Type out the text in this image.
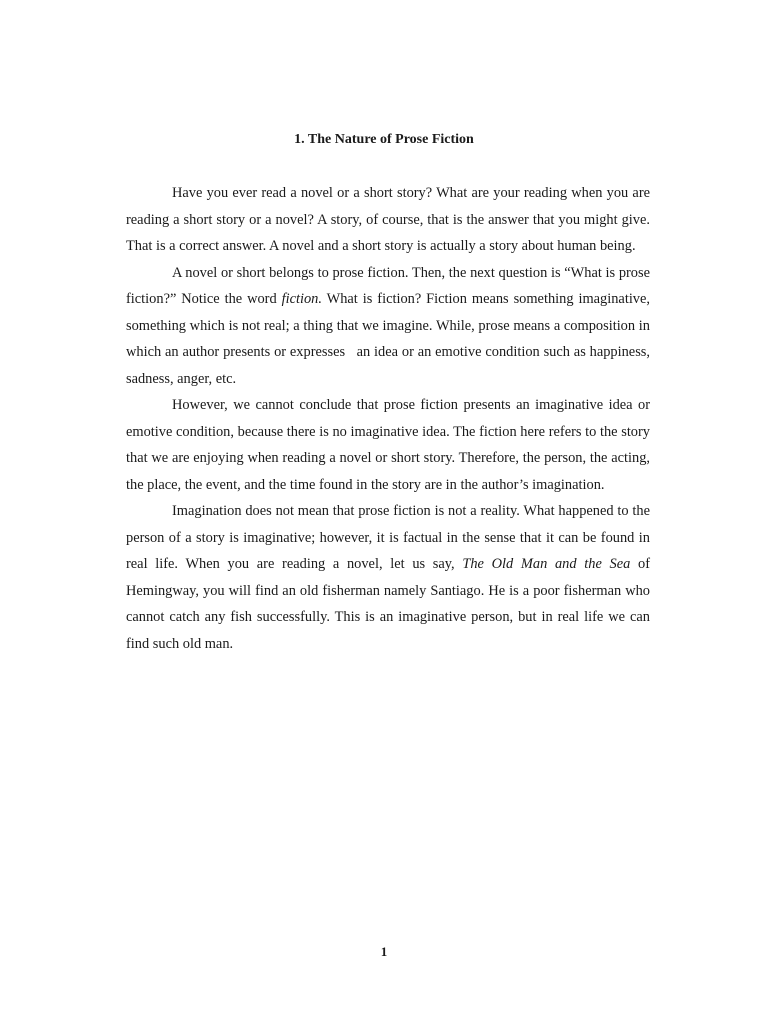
1. The Nature of Prose Fiction

Have you ever read a novel or a short story? What are your reading when you are reading a short story or a novel? A story, of course, that is the answer that you might give. That is a correct answer. A novel and a short story is actually a story about human being.

A novel or short belongs to prose fiction. Then, the next question is “What is prose fiction?” Notice the word fiction. What is fiction? Fiction means something imaginative, something which is not real; a thing that we imagine. While, prose means a composition in which an author presents or expresses   an idea or an emotive condition such as happiness, sadness, anger, etc.

However, we cannot conclude that prose fiction presents an imaginative idea or emotive condition, because there is no imaginative idea. The fiction here refers to the story that we are enjoying when reading a novel or short story. Therefore, the person, the acting, the place, the event, and the time found in the story are in the author’s imagination.

Imagination does not mean that prose fiction is not a reality. What happened to the person of a story is imaginative; however, it is factual in the sense that it can be found in real life. When you are reading a novel, let us say, The Old Man and the Sea of Hemingway, you will find an old fisherman namely Santiago. He is a poor fisherman who cannot catch any fish successfully. This is an imaginative person, but in real life we can find such old man.

1
